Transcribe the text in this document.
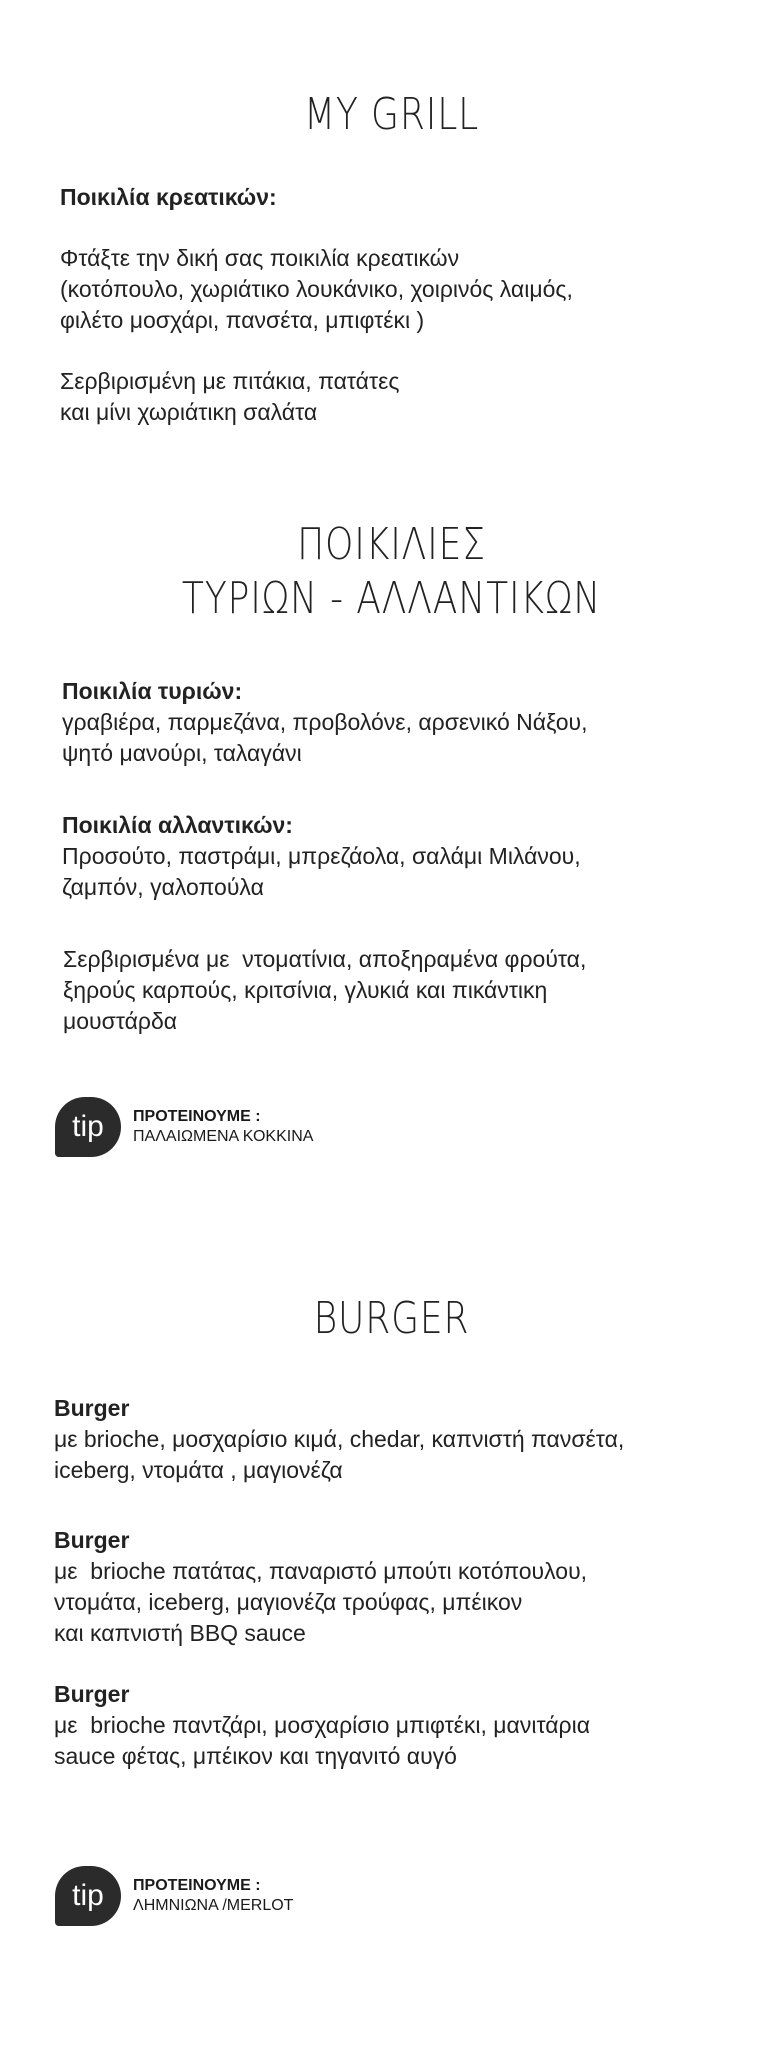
MY GRILL
Ποικιλία κρεατικών:
Φτάξτε την δική σας ποικιλία κρεατικών
(κοτόπουλο, χωριάτικο λουκάνικο, χοιρινός λαιμός,
φιλέτο μοσχάρι, πανσέτα, μπιφτέκι )
Σερβιρισμένη με πιτάκια, πατάτες
και μίνι χωριάτικη σαλάτα
ΠΟΙΚΙΛΙΕΣ
ΤΥΡΙΩΝ - ΑΛΛΑΝΤΙΚΩΝ
Ποικιλία τυριών:
γραβιέρα, παρμεζάνα, προβολόνε, αρσενικό Νάξου,
ψητό μανούρι, ταλαγάνι
Ποικιλία αλλαντικών:
Προσούτο, παστράμι, μπρεζάολα, σαλάμι Μιλάνου,
ζαμπόν, γαλοπούλα
Σερβιρισμένα με  ντοματίνια, αποξηραμένα φρούτα,
ξηρούς καρπούς, κριτσίνια, γλυκιά και πικάντικη
μουστάρδα
tip	ΠΡΟΤΕΙΝΟΥΜΕ :
ΠΑΛΑΙΩΜΕΝΑ ΚΟΚΚΙΝΑ
BURGER
Burger
με brioche, μοσχαρίσιο κιμά, chedar, καπνιστή πανσέτα,
iceberg, ντομάτα , μαγιονέζα
Burger
με  brioche πατάτας, παναριστό μπούτι κοτόπουλου,
ντομάτα, iceberg, μαγιονέζα τρούφας, μπέικον
και καπνιστή BBQ sauce
Burger
με  brioche παντζάρι, μοσχαρίσιο μπιφτέκι, μανιτάρια
sauce φέτας, μπέικον και τηγανιτό αυγό
tip	ΠΡΟΤΕΙΝΟΥΜΕ :
ΛΗΜΝΙΩΝΑ /MERLOT
